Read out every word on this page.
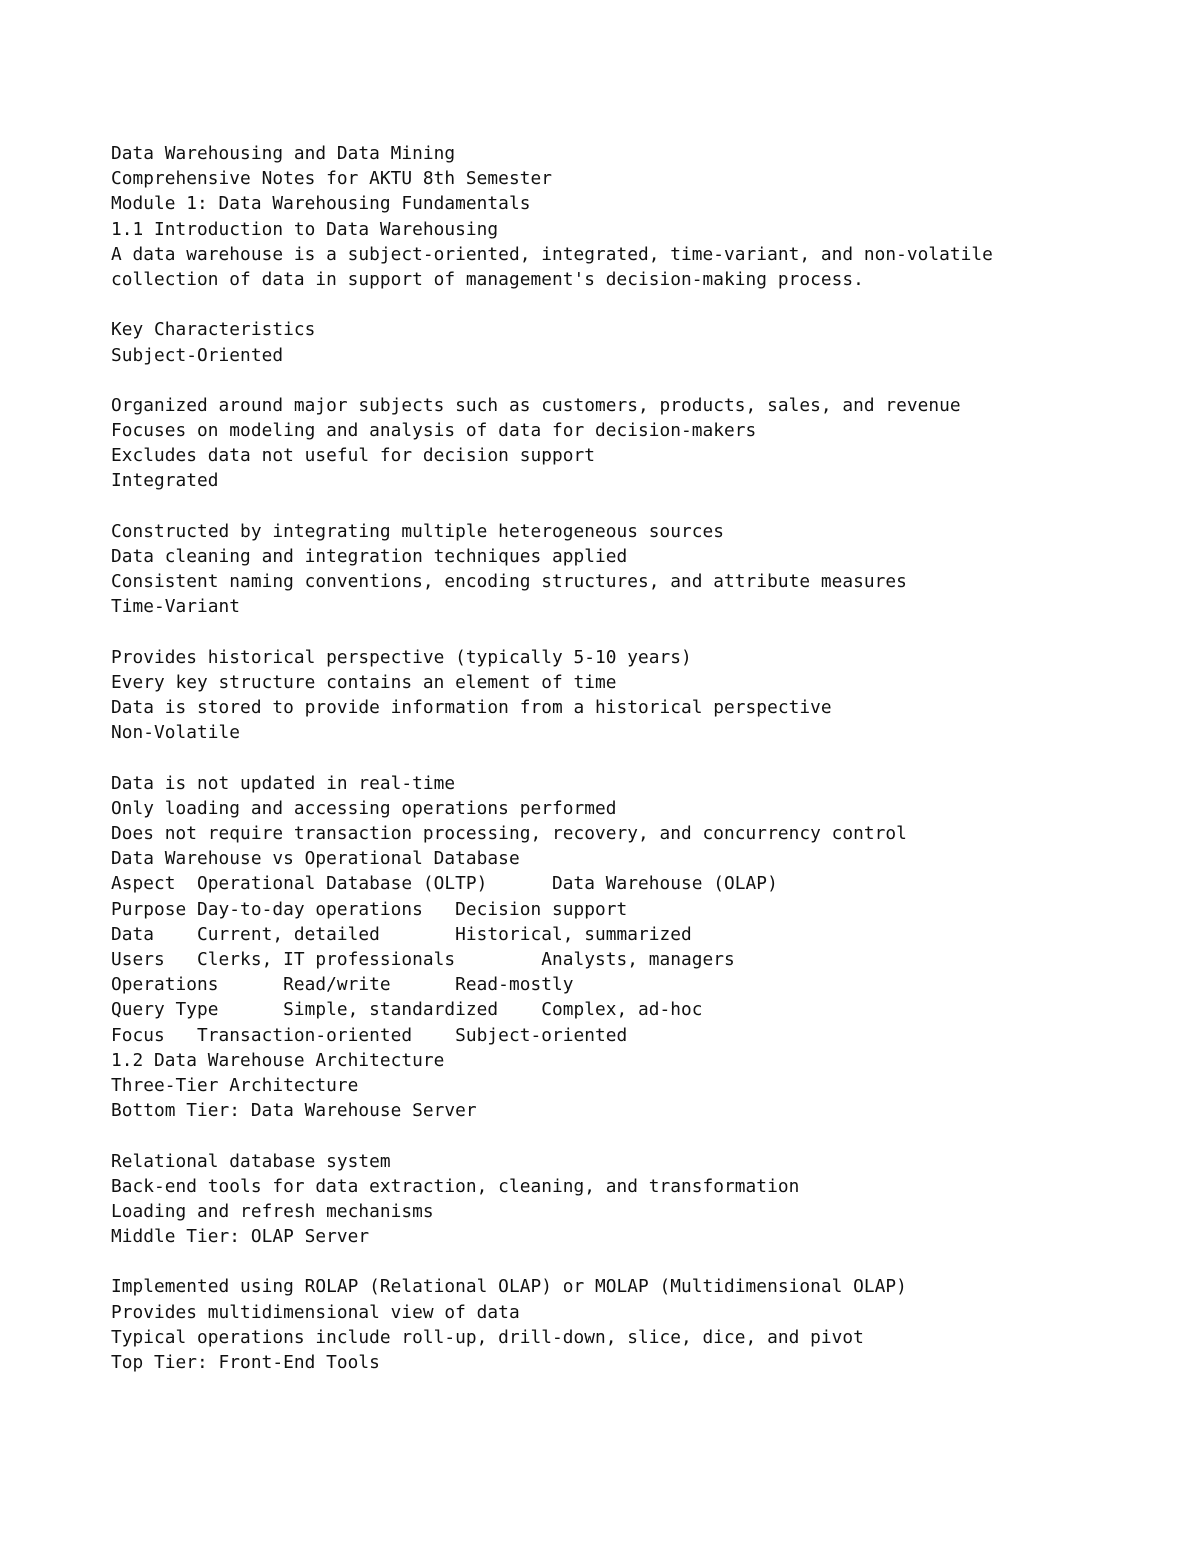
Data Warehousing and Data Mining
Comprehensive Notes for AKTU 8th Semester
Module 1: Data Warehousing Fundamentals
1.1 Introduction to Data Warehousing
A data warehouse is a subject-oriented, integrated, time-variant, and non-volatile
collection of data in support of management's decision-making process.
Key Characteristics
Subject-Oriented
Organized around major subjects such as customers, products, sales, and revenue
Focuses on modeling and analysis of data for decision-makers
Excludes data not useful for decision support
Integrated
Constructed by integrating multiple heterogeneous sources
Data cleaning and integration techniques applied
Consistent naming conventions, encoding structures, and attribute measures
Time-Variant
Provides historical perspective (typically 5-10 years)
Every key structure contains an element of time
Data is stored to provide information from a historical perspective
Non-Volatile
Data is not updated in real-time
Only loading and accessing operations performed
Does not require transaction processing, recovery, and concurrency control
Data Warehouse vs Operational Database
Aspect  Operational Database (OLTP)      Data Warehouse (OLAP)
Purpose Day-to-day operations   Decision support
Data    Current, detailed       Historical, summarized
Users   Clerks, IT professionals        Analysts, managers
Operations      Read/write      Read-mostly
Query Type      Simple, standardized    Complex, ad-hoc
Focus   Transaction-oriented    Subject-oriented
1.2 Data Warehouse Architecture
Three-Tier Architecture
Bottom Tier: Data Warehouse Server
Relational database system
Back-end tools for data extraction, cleaning, and transformation
Loading and refresh mechanisms
Middle Tier: OLAP Server
Implemented using ROLAP (Relational OLAP) or MOLAP (Multidimensional OLAP)
Provides multidimensional view of data
Typical operations include roll-up, drill-down, slice, dice, and pivot
Top Tier: Front-End Tools
